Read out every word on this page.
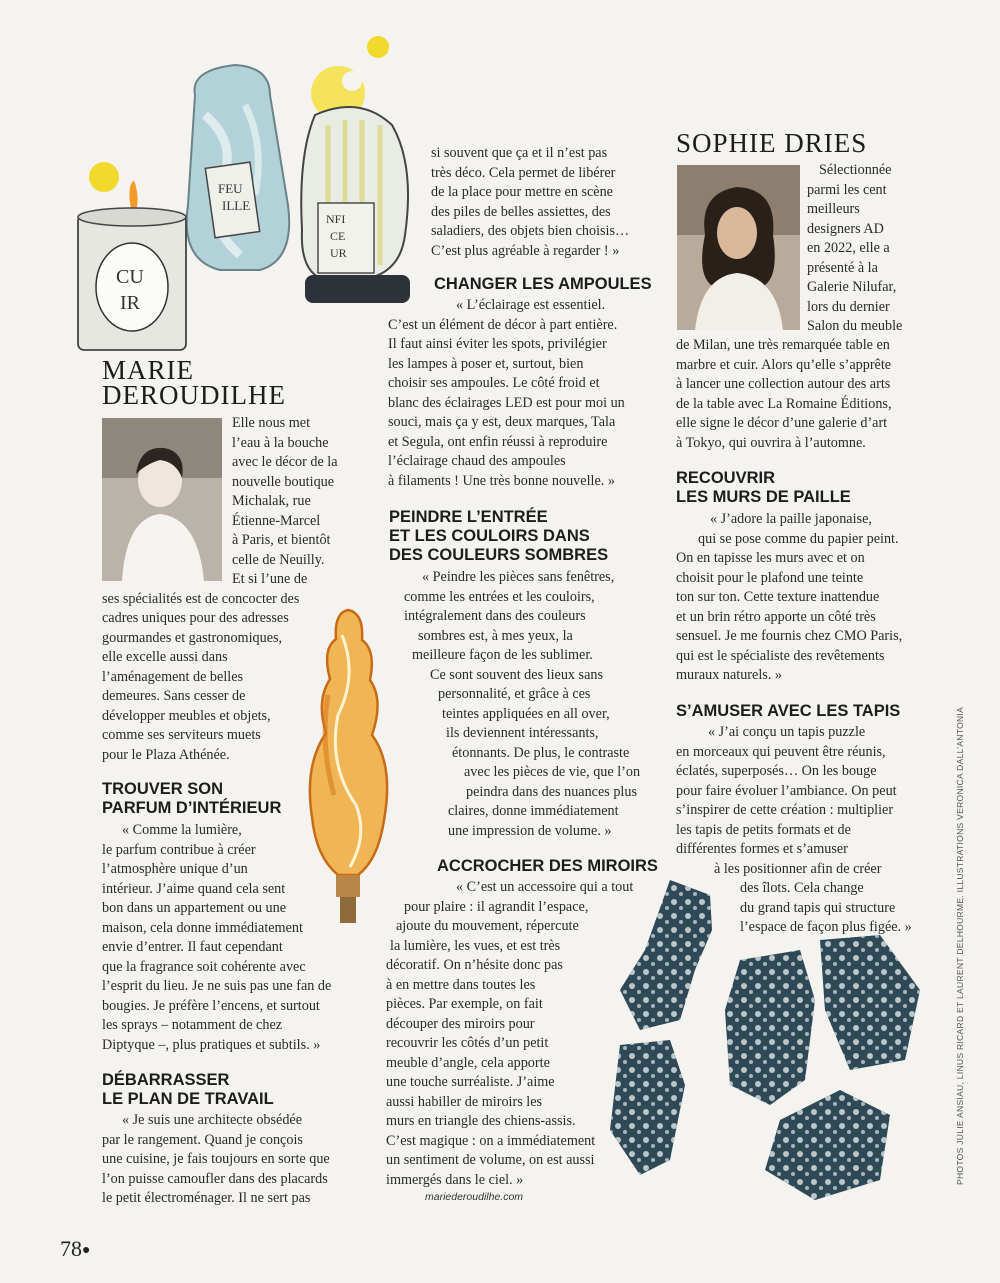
FEU
ILLE
NFI
CE
UR
CU
IR
MARIE
DEROUDILHE

Elle nous met

l’eau à la bouche

avec le décor de la

nouvelle boutique

Michalak, rue

Étienne-Marcel

à Paris, et bientôt

celle de Neuilly.

Et si l’une de

ses spécialités est de concocter des

cadres uniques pour des adresses

gourmandes et gastronomiques,

elle excelle aussi dans

l’aménagement de belles

demeures. Sans cesser de

développer meubles et objets,

comme ses serviteurs muets

pour le Plaza Athénée.

TROUVER SON
PARFUM D’INTÉRIEUR

« Comme la lumière,

le parfum contribue à créer

l’atmosphère unique d’un

intérieur. J’aime quand cela sent

bon dans un appartement ou une

maison, cela donne immédiatement

envie d’entrer. Il faut cependant

que la fragrance soit cohérente avec

l’esprit du lieu. Je ne suis pas une fan de

bougies. Je préfère l’encens, et surtout

les sprays – notamment de chez

Diptyque –, plus pratiques et subtils. »

DÉBARRASSER
LE PLAN DE TRAVAIL

« Je suis une architecte obsédée

par le rangement. Quand je conçois

une cuisine, je fais toujours en sorte que

l’on puisse camoufler dans des placards

le petit électroménager. Il ne sert pas

si souvent que ça et il n’est pas

très déco. Cela permet de libérer

de la place pour mettre en scène

des piles de belles assiettes, des

saladiers, des objets bien choisis…

C’est plus agréable à regarder ! »

CHANGER LES AMPOULES

« L’éclairage est essentiel.

C’est un élément de décor à part entière.

Il faut ainsi éviter les spots, privilégier

les lampes à poser et, surtout, bien

choisir ses ampoules. Le côté froid et

blanc des éclairages LED est pour moi un

souci, mais ça y est, deux marques, Tala

et Segula, ont enfin réussi à reproduire

l’éclairage chaud des ampoules

à filaments ! Une très bonne nouvelle. »

PEINDRE L’ENTRÉE
ET LES COULOIRS DANS
DES COULEURS SOMBRES

« Peindre les pièces sans fenêtres,

comme les entrées et les couloirs,

intégralement dans des couleurs

sombres est, à mes yeux, la

meilleure façon de les sublimer.

Ce sont souvent des lieux sans

personnalité, et grâce à ces

teintes appliquées en all over,

ils deviennent intéressants,

étonnants. De plus, le contraste

avec les pièces de vie, que l’on

peindra dans des nuances plus

claires, donne immédiatement

une impression de volume. »

ACCROCHER DES MIROIRS

« C’est un accessoire qui a tout

pour plaire : il agrandit l’espace,

ajoute du mouvement, répercute

la lumière, les vues, et est très

décoratif. On n’hésite donc pas

à en mettre dans toutes les

pièces. Par exemple, on fait

découper des miroirs pour

recouvrir les côtés d’un petit

meuble d’angle, cela apporte

une touche surréaliste. J’aime

aussi habiller de miroirs les

murs en triangle des chiens-assis.

C’est magique : on a immédiatement

un sentiment de volume, on est aussi

immergés dans le ciel. »

mariederoudilhe.com
SOPHIE DRIES

Sélectionnée

parmi les cent

meilleurs

designers AD

en 2022, elle a

présenté à la

Galerie Nilufar,

lors du dernier

Salon du meuble

de Milan, une très remarquée table en

marbre et cuir. Alors qu’elle s’apprête

à lancer une collection autour des arts

de la table avec La Romaine Éditions,

elle signe le décor d’une galerie d’art

à Tokyo, qui ouvrira à l’automne.

RECOUVRIR
LES MURS DE PAILLE

« J’adore la paille japonaise,

qui se pose comme du papier peint.

On en tapisse les murs avec et on

choisit pour le plafond une teinte

ton sur ton. Cette texture inattendue

et un brin rétro apporte un côté très

sensuel. Je me fournis chez CMO Paris,

qui est le spécialiste des revêtements

muraux naturels. »

S’AMUSER AVEC LES TAPIS

« J’ai conçu un tapis puzzle

en morceaux qui peuvent être réunis,

éclatés, superposés… On les bouge

pour faire évoluer l’ambiance. On peut

s’inspirer de cette création : multiplier

les tapis de petits formats et de

différentes formes et s’amuser

à les positionner afin de créer

des îlots. Cela change

du grand tapis qui structure

l’espace de façon plus figée. »	PHOTOS JULIE ANSIAU, LINUS RICARD ET LAURENT DELHOURME. ILLUSTRATIONS VERONICA DALL’ANTONIA
78●
